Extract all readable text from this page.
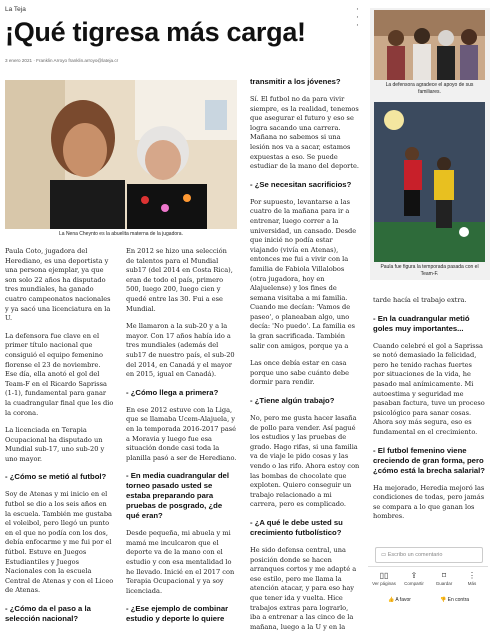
La Teja	·
·
·
¡Qué tigresa más carga!
3 enero 2021 · Franklin Arroyo franklin.arroyo@lateja.cr
La Nena Cheynto es la abuelita materna de la jugadora.
La defensora agradece el apoyo de sus familiares.
Paula fue figura la temporada pasada con el Team-F.
Paula Coto, jugadora del Herediano, es una deportista y una persona ejemplar, ya que son solo 22 años ha disputado tres mundiales, ha ganado cuatro campeonatos nacionales y ya sacó una licenciatura en la U.
La defensora fue clave en el primer título nacional que consiguió el equipo femenino florense el 23 de noviembre. Ese día, ella anotó el gol del Team-F en el Ricardo Saprissa (1-1), fundamental para ganar la cuadrangular final que les dio la corona.
La licenciada en Terapia Ocupacional ha disputado un Mundial sub-17, uno sub-20 y uno mayor.
- ¿Cómo se metió al futbol?
Soy de Atenas y mi inicio en el futbol se dio a los seis años en la escuela. También me gustaba el voleibol, pero llegó un punto en el que no podía con los dos, debía enfocarme y me fui por el fútbol. Estuve en Juegos Estudiantiles y Juegos Nacionales con la escuela Central de Atenas y con el Liceo de Atenas.
- ¿Cómo da el paso a la selección nacional?
En 2012 se hizo una selección de talentos para el Mundial sub17 (del 2014 en Costa Rica), eran de todo el país, primero 500, luego 200, luego cien y quedé entre las 30. Fui a ese Mundial.
Me llamaron a la sub-20 y a la mayor. Con 17 años había ido a tres mundiales (además del sub17 de nuestro país, el sub-20 del 2014, en Canadá y el mayor en 2015, igual en Canadá).
- ¿Cómo llega a primera?
En ese 2012 estuve con la Liga, que se llamaba Ucem-Alajuela, y en la temporada 2016-2017 pasé a Moravia y luego fue esa situación donde casi toda la planilla pasó a ser de Herediano.
- En media cuadrangular del torneo pasado usted se estaba preparando para pruebas de posgrado, ¿de qué eran?
Desde pequeña, mi abuela y mi mamá me inculcaron que el deporte va de la mano con el estudio y con esa mentalidad lo he llevado. Inicié en el 2017 con Terapia Ocupacional y ya soy licenciada.
- ¿Ese ejemplo de combinar estudio y deporte lo quiere
transmitir a los jóvenes?
Sí. El futbol no da para vivir siempre, es la realidad, tenemos que asegurar el futuro y eso se logra sacando una carrera. Mañana no sabemos si una lesión nos va a sacar, estamos expuestas a eso. Se puede estudiar de la mano del deporte.
- ¿Se necesitan sacrificios?
Por supuesto, levantarse a las cuatro de la mañana para ir a entrenar, luego correr a la universidad, un cansado. Desde que inicié no podía estar viajando (vivía en Atenas), entonces me fui a vivir con la familia de Fabiola Villalobos (otra jugadora, hoy en Alajuelense) y los fines de semana visitaba a mi familia. Cuando me decían: 'Vamos de paseo', o planeaban algo, uno decía: 'No puedo'. La familia es la gran sacrificada. También salir con amigos, porque ya a
Las once debía estar en casa porque uno sabe cuánto debe dormir para rendir.
- ¿Tiene algún trabajo?
No, pero me gusta hacer lasaña de pollo para vender. Así pagué los estudios y las pruebas de grado. Hago rifas, si una familia va de viaje le pido cosas y las vendo o las rifo. Ahora estoy con las bombas de chocolate que exploten. Quiero conseguir un trabajo relacionado a mi carrera, pero es complicado.
- ¿A qué le debe usted su crecimiento futbolístico?
He sido defensa central, una posición donde se hacen arranques cortos y me adapté a ese estilo, pero me llama la atención atacar, y para eso hay que tener ida y vuelta. Hice trabajos extras para lograrlo, iba a entrenar a las cinco de la mañana, luego a la U y en la
tarde hacía el trabajo extra.
- En la cuadrangular metió goles muy importantes...
Cuando celebré el gol a Saprissa se notó demasiado la felicidad, pero he tenido rachas fuertes por situaciones de la vida, he pasado mal anímicamente. Mi autoestima y seguridad me pasaban factura, tuve un proceso psicológico para sanar cosas. Ahora soy más segura, eso es fundamental en el crecimiento.
- El futbol femenino viene creciendo de gran forma, pero ¿cómo está la brecha salarial?
Ha mejorado, Heredia mejoró las condiciones de todas, pero jamás se compara a lo que ganan los hombres.
▭ Escribo un comentario
▯▯
Ver páginas
⇪
Compartir
⌑
Guardar
⋮
Más
👍 A favor	👎 En contra
